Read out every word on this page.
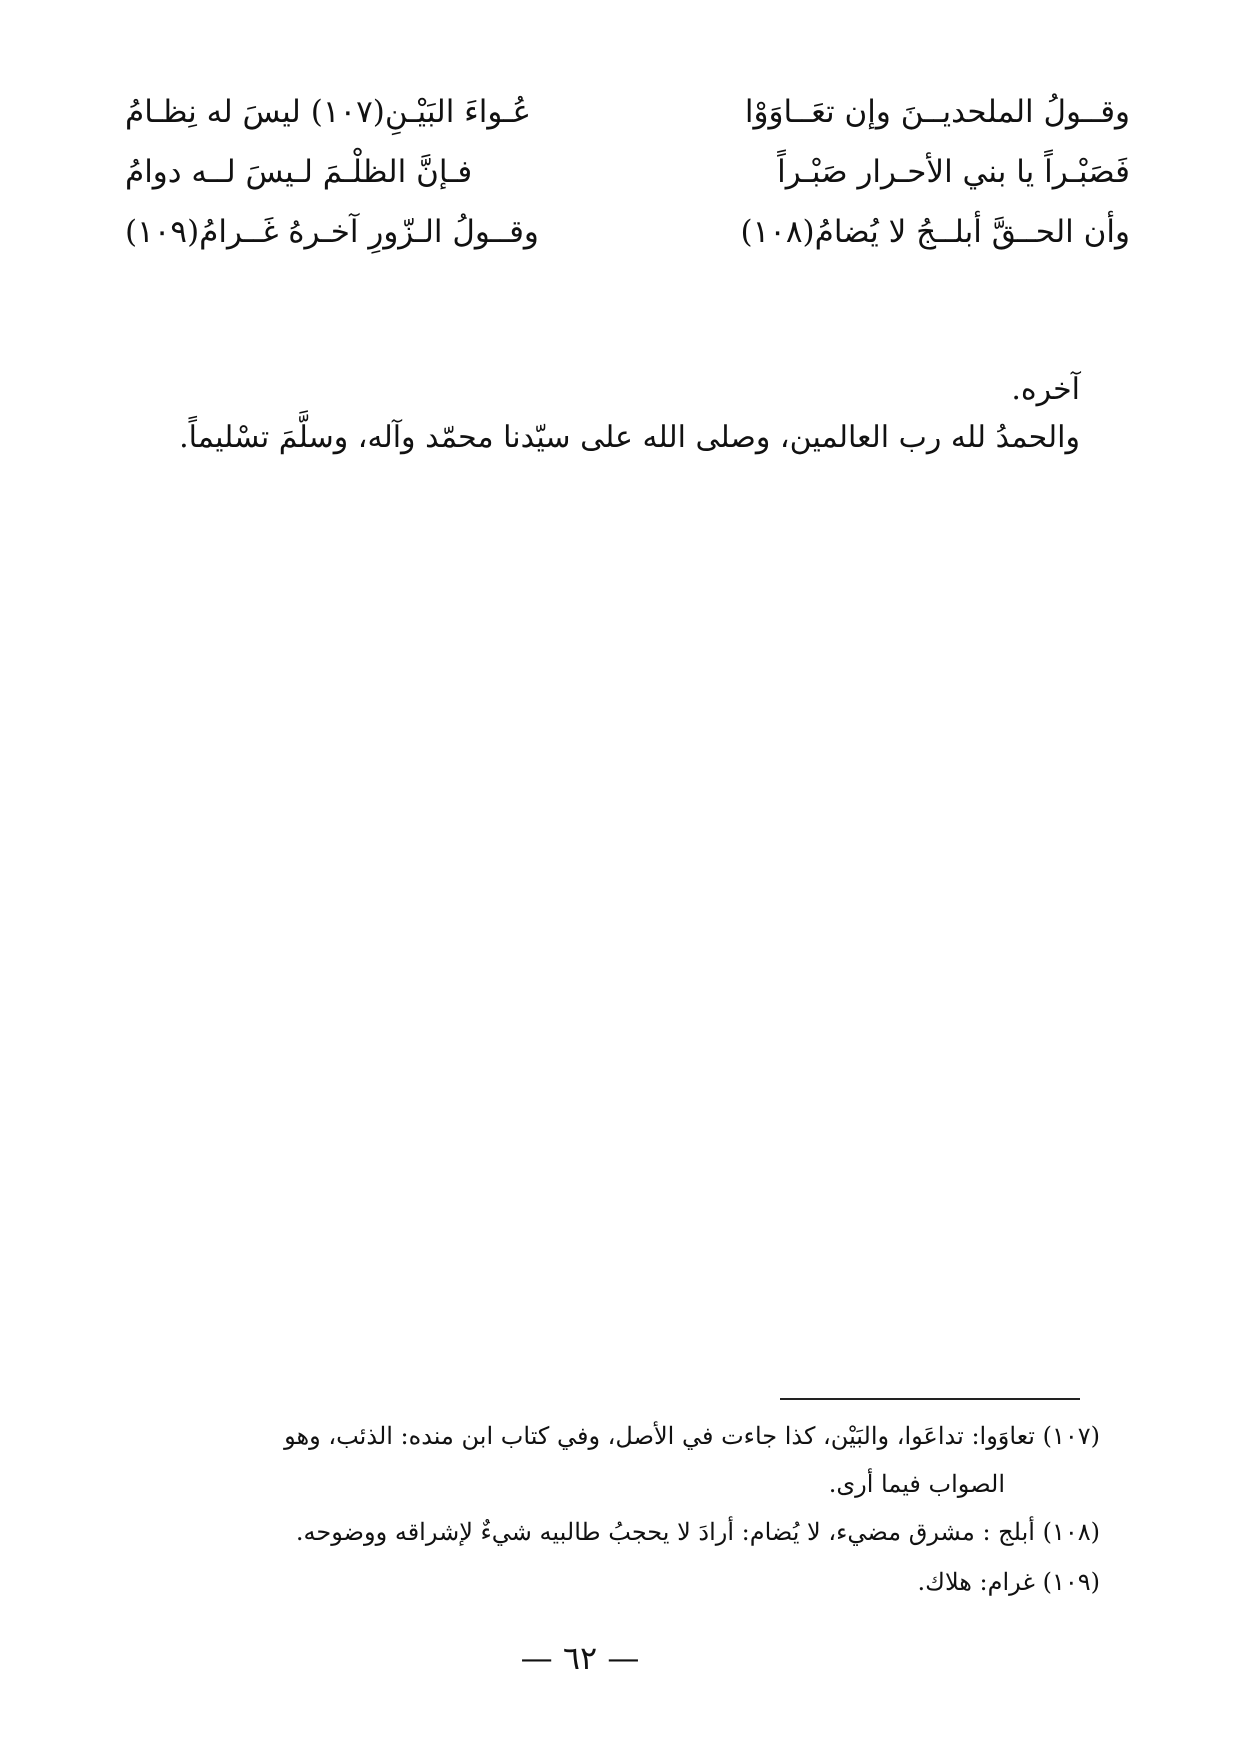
وقــولُ الملحديــنَ وإن تعَــاوَوْا
عُـواءَ البَيْـنِ(١٠٧) ليسَ له نِظـامُ
فَصَبْـراً يا بني الأحـرار صَبْـراً
فـإنَّ الظلْـمَ لـيسَ لــه دوامُ
وأن الحــقَّ أبلــجُ لا يُضامُ(١٠٨)
وقــولُ الـزّورِ آخـرهُ غَــرامُ(١٠٩)
آخره.
والحمدُ لله رب العالمين، وصلى الله على سيّدنا محمّد وآله، وسلَّمَ تسْليماً.
(١٠٧) تعاوَوا: تداعَوا، والبَيْن، كذا جاءت في الأصل، وفي كتاب ابن منده: الذئب، وهو
الصواب فيما أرى.
(١٠٨) أبلج : مشرق مضيء، لا يُضام: أرادَ لا يحجبُ طالبيه شيءٌ لإشراقه ووضوحه.
(١٠٩) غرام: هلاك.
— ٦٢ —
